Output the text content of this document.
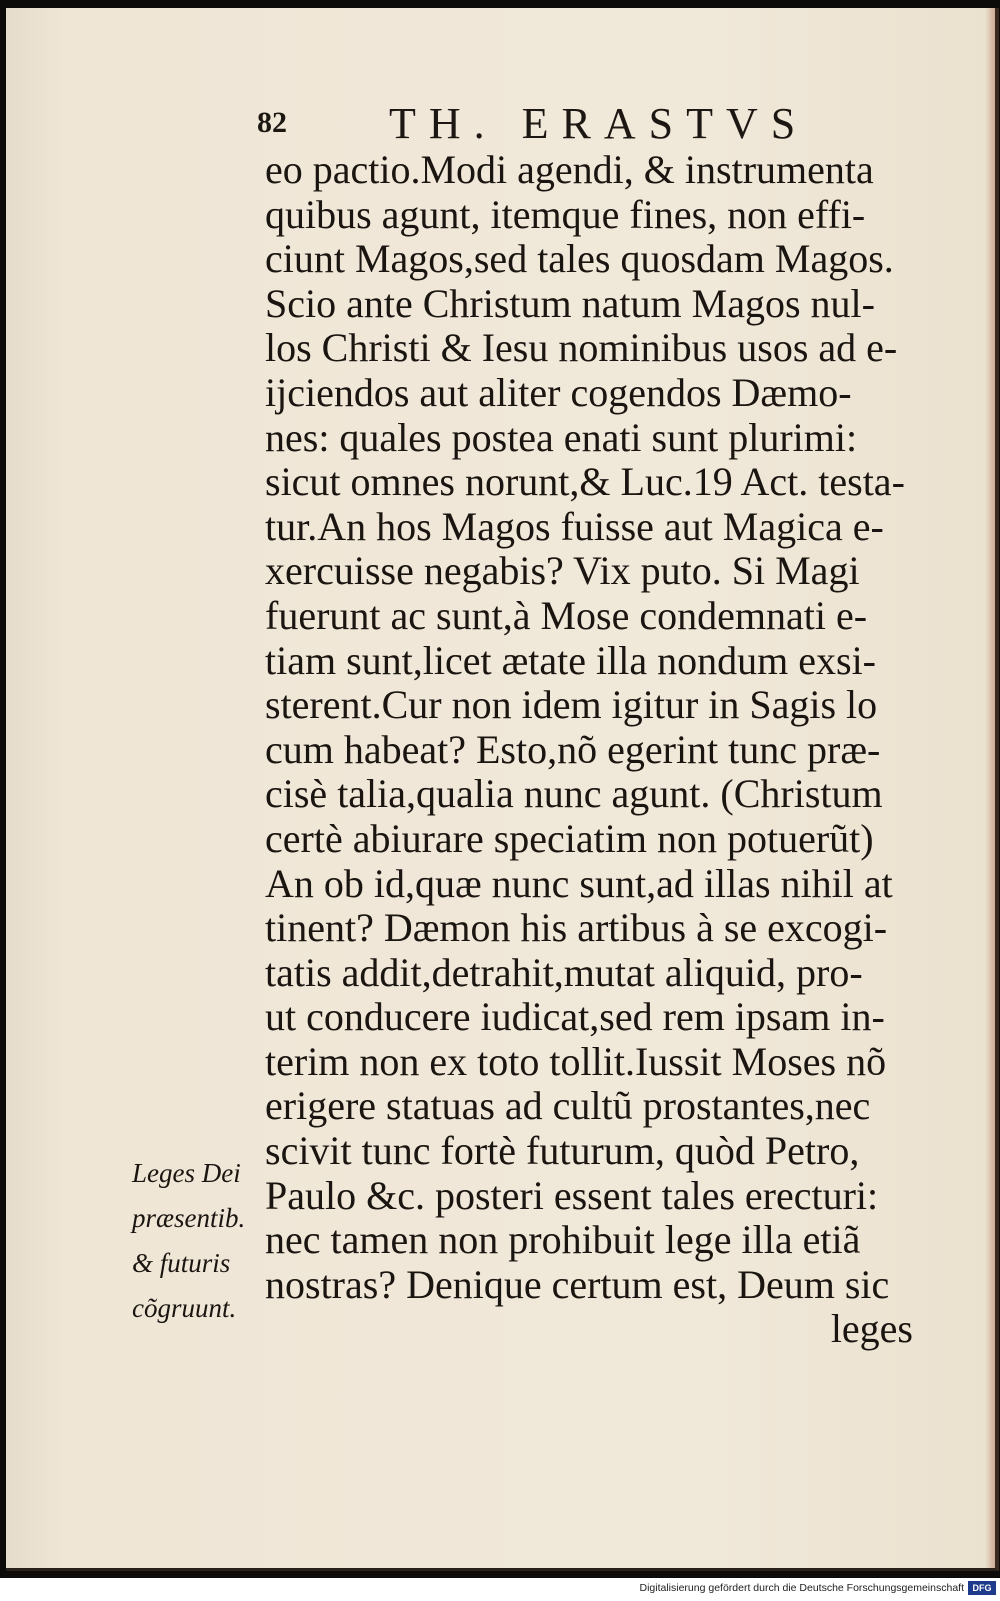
82 TH. ERASTVS
eo pactio.Modi agendi, & instrumenta
quibus agunt, itemque fines, non effi-
ciunt Magos,sed tales quosdam Magos.
Scio ante Christum natum Magos nul-
los Christi & Iesu nominibus usos ad e-
ijciendos aut aliter cogendos Dæmo-
nes: quales postea enati sunt plurimi:
sicut omnes norunt,& Luc.19 Act. testa-
tur.An hos Magos fuisse aut Magica e-
xercuisse negabis? Vix puto. Si Magi
fuerunt ac sunt,à Mose condemnati e-
tiam sunt,licet ætate illa nondum exsi-
sterent.Cur non idem igitur in Sagis lo
cum habeat? Esto,nõ egerint tunc præ-
cisè talia,qualia nunc agunt. (Christum
certè abiurare speciatim non potuerũt)
An ob id,quæ nunc sunt,ad illas nihil at
tinent? Dæmon his artibus à se excogi-
tatis addit,detrahit,mutat aliquid, pro-
ut conducere iudicat,sed rem ipsam in-
terim non ex toto tollit.Iussit Moses nõ
erigere statuas ad cultũ prostantes,nec
scivit tunc fortè futurum, quòd Petro,
Paulo &c. posteri essent tales erecturi:
nec tamen non prohibuit lege illa etiã
nostras? Denique certum est, Deum sic
leges
Leges Dei
præsentib.
& futuris
cõgruunt.
Digitalisierung gefördert durch die Deutsche Forschungsgemeinschaft DFG
